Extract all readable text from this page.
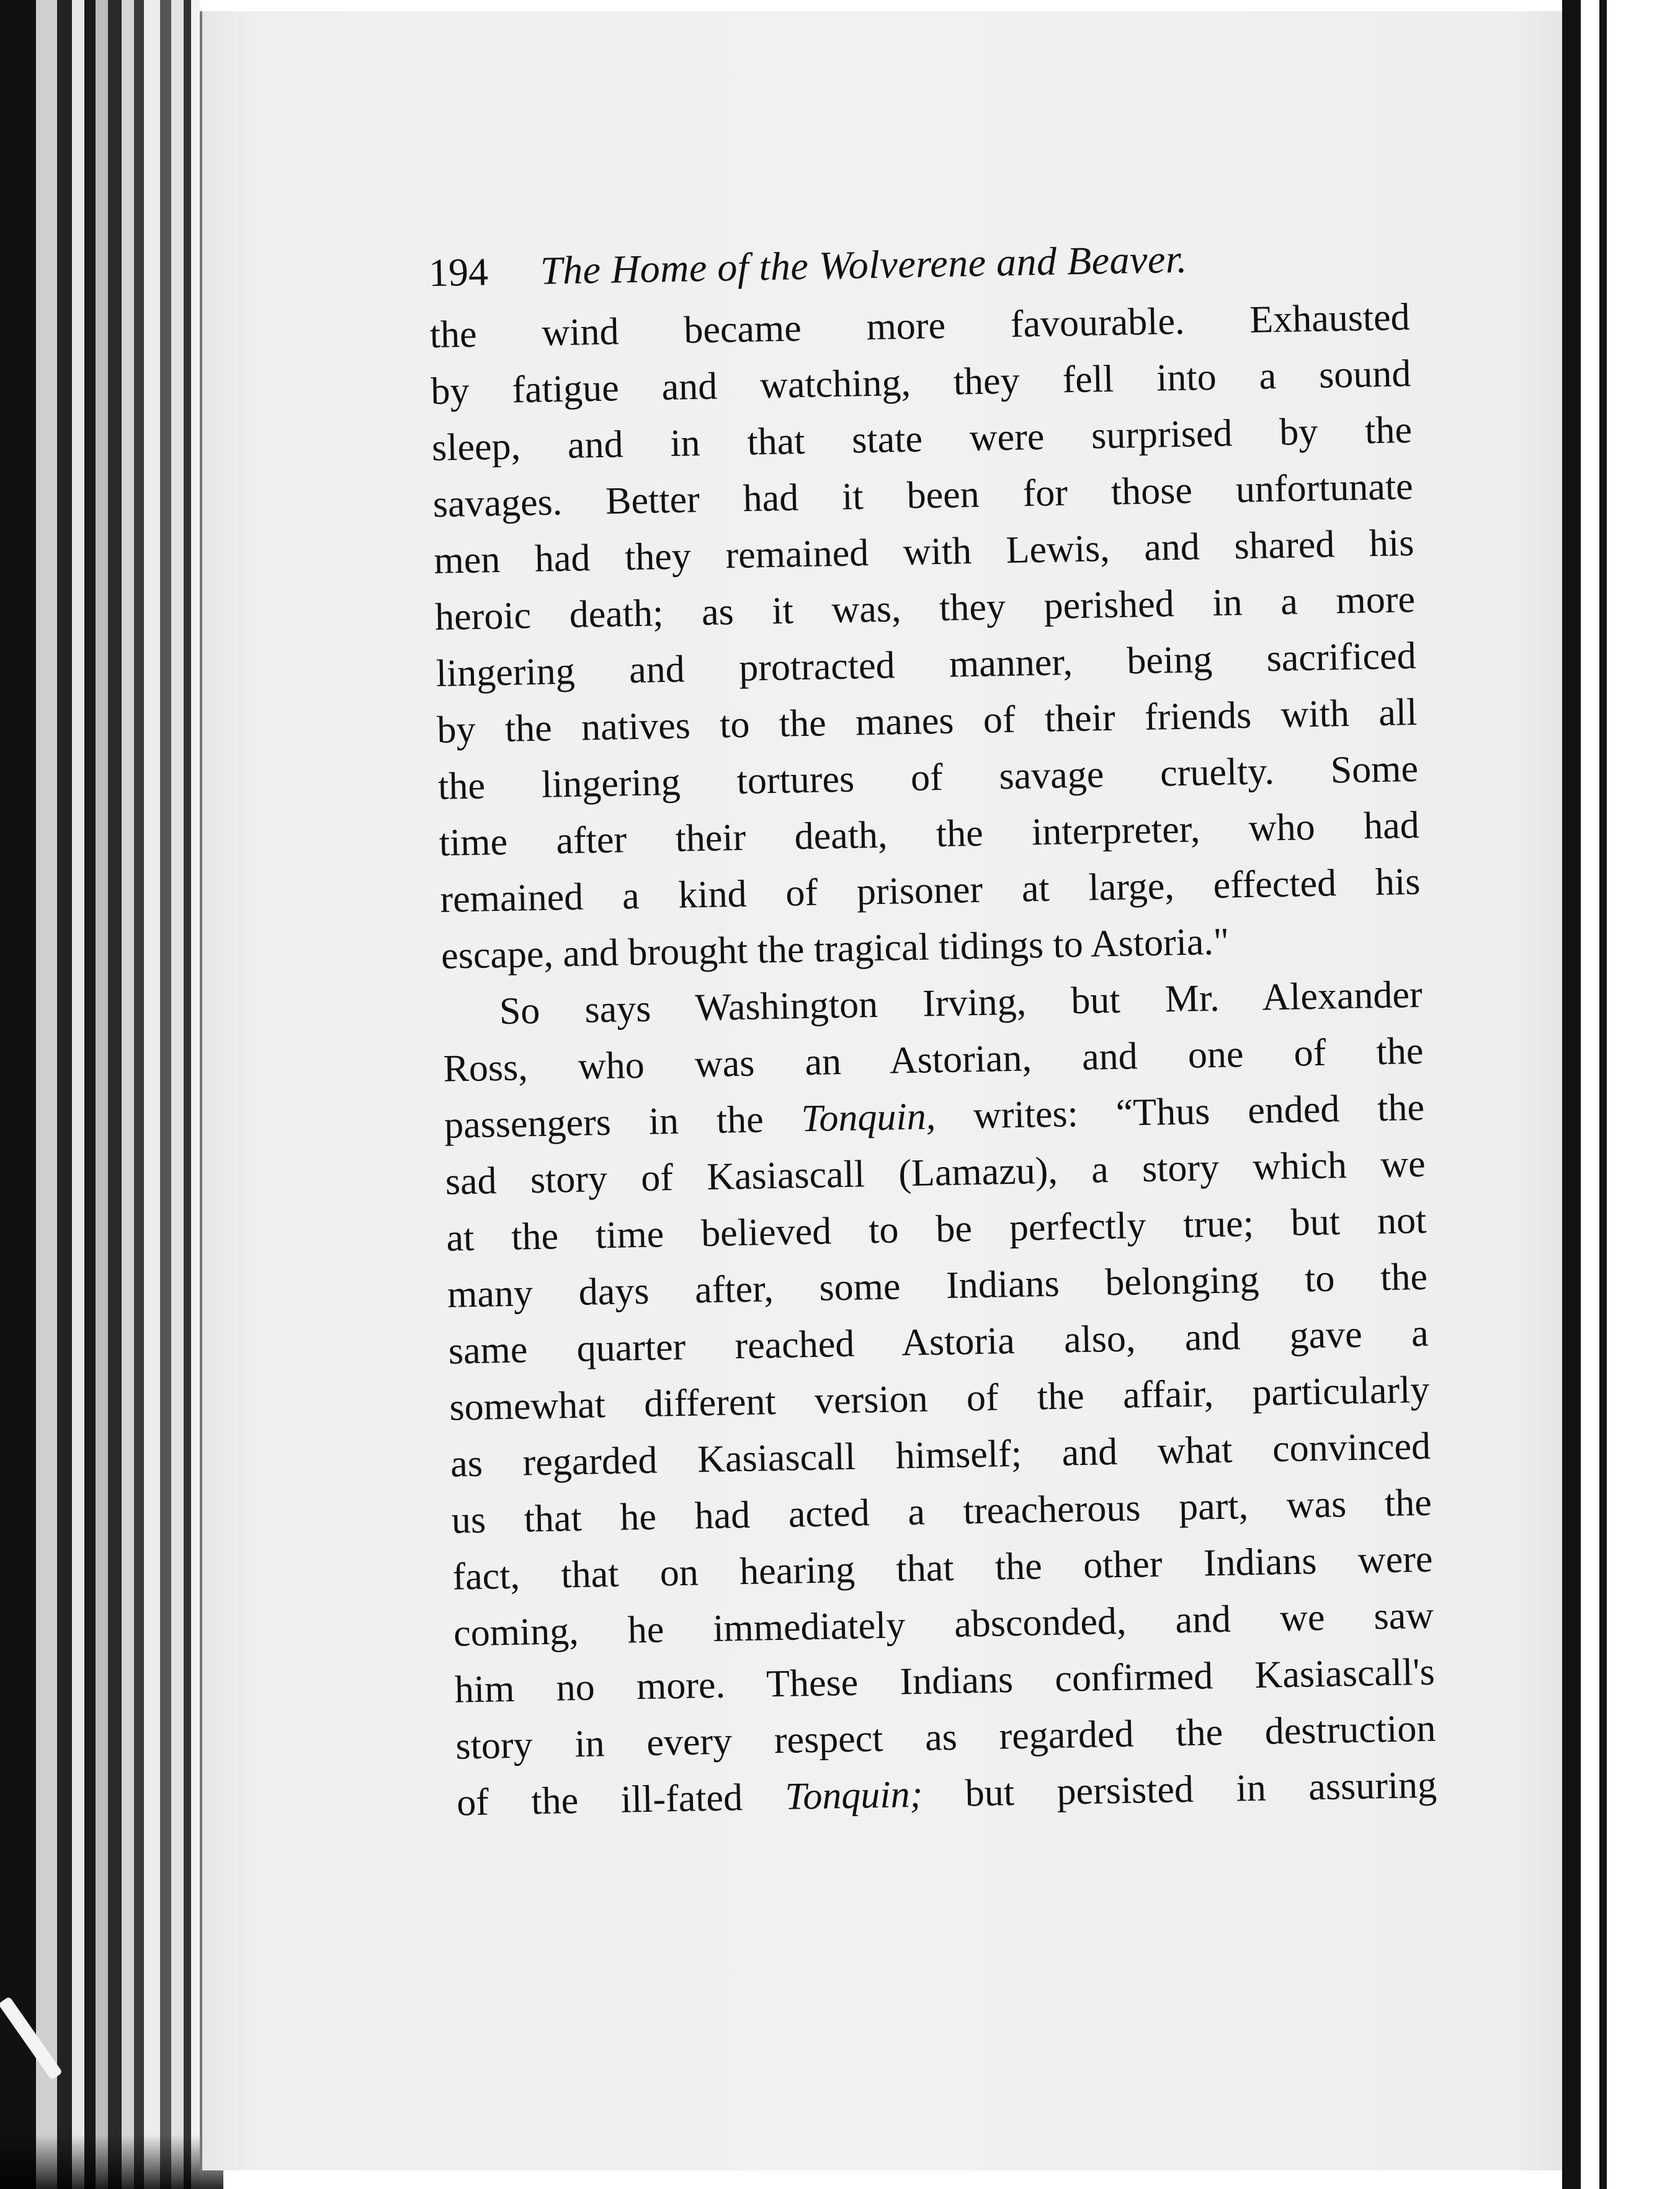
194 The Home of the Wolverene and Beaver.
the wind became more favourable. Exhausted
by fatigue and watching, they fell into a sound
sleep, and in that state were surprised by the
savages. Better had it been for those unfortunate
men had they remained with Lewis, and shared his
heroic death; as it was, they perished in a more
lingering and protracted manner, being sacrificed
by the natives to the manes of their friends with all
the lingering tortures of savage cruelty. Some
time after their death, the interpreter, who had
remained a kind of prisoner at large, effected his
escape, and brought the tragical tidings to Astoria."
So says Washington Irving, but Mr. Alexander
Ross, who was an Astorian, and one of the
passengers in the Tonquin, writes: “Thus ended the
sad story of Kasiascall (Lamazu), a story which we
at the time believed to be perfectly true; but not
many days after, some Indians belonging to the
same quarter reached Astoria also, and gave a
somewhat different version of the affair, particularly
as regarded Kasiascall himself; and what convinced
us that he had acted a treacherous part, was the
fact, that on hearing that the other Indians were
coming, he immediately absconded, and we saw
him no more. These Indians confirmed Kasiascall's
story in every respect as regarded the destruction
of the ill-fated Tonquin; but persisted in assuring
